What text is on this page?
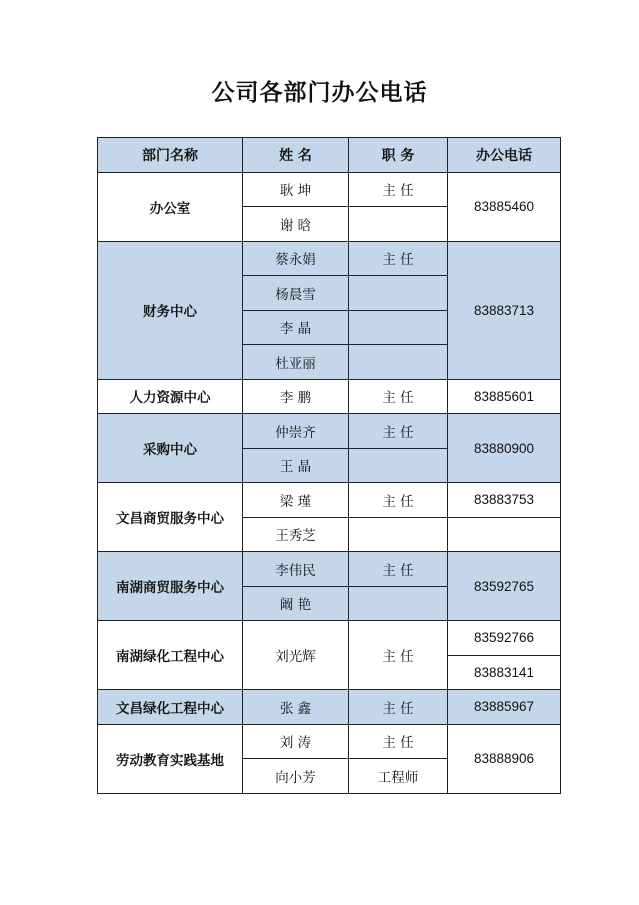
公司各部门办公电话
部门名称	姓 名	职 务	办公电话
办公室	耿 坤	主 任	83885460
	谢 晗		
财务中心	蔡永娟	主 任	83883713
	杨晨雪		
	李 晶		
	杜亚丽		
人力资源中心	李 鹏	主 任	83885601
采购中心	仲崇齐	主 任	83880900
	王 晶		
文昌商贸服务中心	梁 瑾	主 任	83883753
	王秀芝		
南湖商贸服务中心	李伟民	主 任	83592765
	阚 艳		
南湖绿化工程中心	刘光辉	主 任	83592766
			83883141
文昌绿化工程中心	张 鑫	主 任	83885967
劳动教育实践基地	刘 涛	主 任	83888906
	向小芳	工程师	
